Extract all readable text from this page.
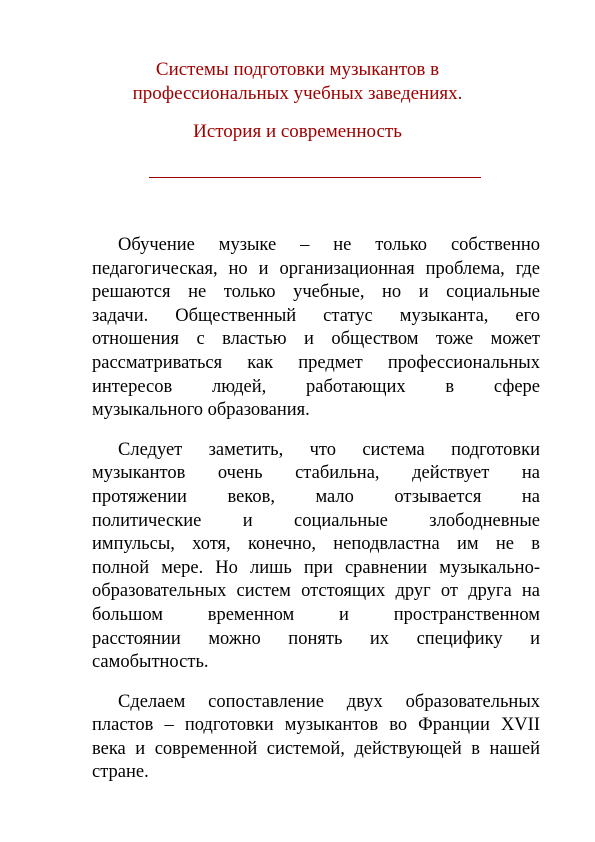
Системы подготовки музыкантов в
профессиональных учебных заведениях.
История и современность

Обучение музыке – не только собственно
педагогическая, но и организационная проблема, где
решаются не только учебные, но и социальные
задачи. Общественный статус музыканта, его
отношения с властью и обществом тоже может
рассматриваться как предмет профессиональных
интересов людей, работающих в сфере
музыкального образования.

Следует заметить, что система подготовки
музыкантов очень стабильна, действует на
протяжении веков, мало отзывается на
политические и социальные злободневные
импульсы, хотя, конечно, неподвластна им не в
полной мере. Но лишь при сравнении музыкально-
образовательных систем отстоящих друг от друга на
большом временном и пространственном
расстоянии можно понять их специфику и
самобытность.

Сделаем сопоставление двух образовательных
пластов – подготовки музыкантов во Франции XVII
века и современной системой, действующей в нашей
стране.
